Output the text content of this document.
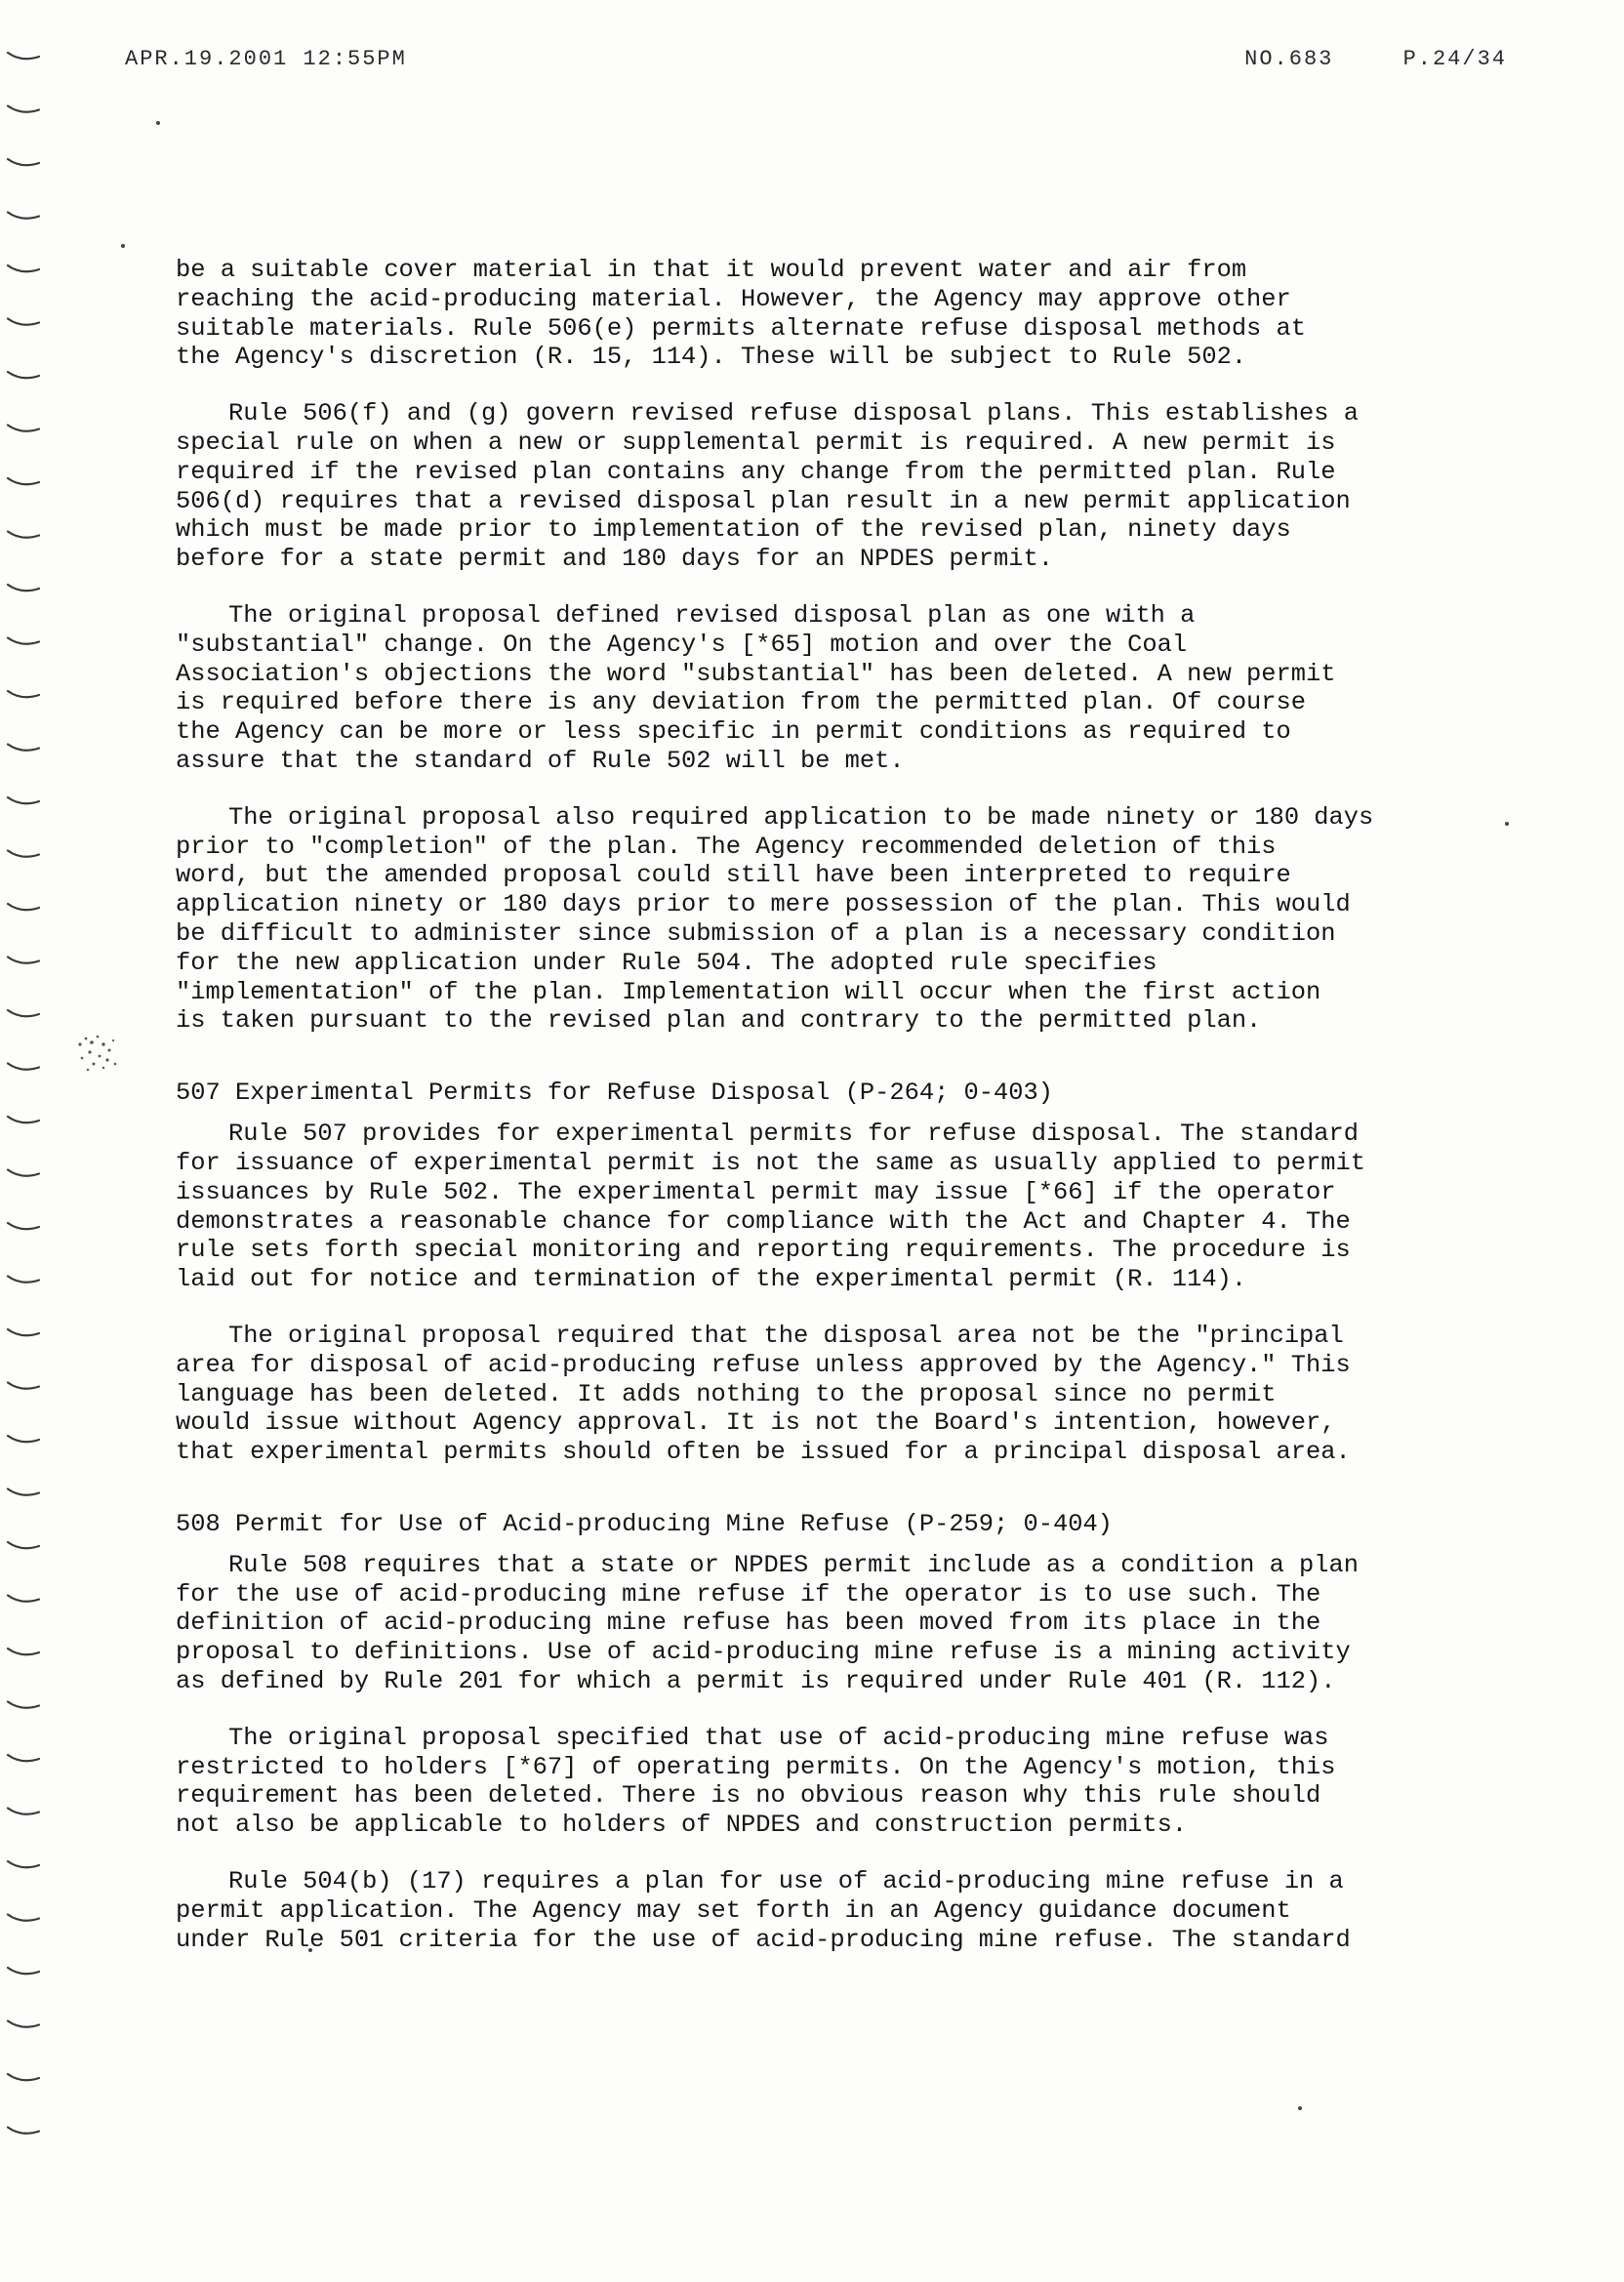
APR.19.2001 12:55PM	NO.683	P.24/34

be a suitable cover material in that it would prevent water and air from
reaching the acid-producing material. However, the Agency may approve other
suitable materials. Rule 506(e) permits alternate refuse disposal methods at
the Agency's discretion (R. 15, 114). These will be subject to Rule 502.

Rule 506(f) and (g) govern revised refuse disposal plans. This establishes a
special rule on when a new or supplemental permit is required. A new permit is
required if the revised plan contains any change from the permitted plan. Rule
506(d) requires that a revised disposal plan result in a new permit application
which must be made prior to implementation of the revised plan, ninety days
before for a state permit and 180 days for an NPDES permit.

The original proposal defined revised disposal plan as one with a
"substantial" change. On the Agency's [*65] motion and over the Coal
Association's objections the word "substantial" has been deleted. A new permit
is required before there is any deviation from the permitted plan. Of course
the Agency can be more or less specific in permit conditions as required to
assure that the standard of Rule 502 will be met.

The original proposal also required application to be made ninety or 180 days
prior to "completion" of the plan. The Agency recommended deletion of this
word, but the amended proposal could still have been interpreted to require
application ninety or 180 days prior to mere possession of the plan. This would
be difficult to administer since submission of a plan is a necessary condition
for the new application under Rule 504. The adopted rule specifies
"implementation" of the plan. Implementation will occur when the first action
is taken pursuant to the revised plan and contrary to the permitted plan.

507 Experimental Permits for Refuse Disposal (P-264; 0-403)

Rule 507 provides for experimental permits for refuse disposal. The standard
for issuance of experimental permit is not the same as usually applied to permit
issuances by Rule 502. The experimental permit may issue [*66] if the operator
demonstrates a reasonable chance for compliance with the Act and Chapter 4. The
rule sets forth special monitoring and reporting requirements. The procedure is
laid out for notice and termination of the experimental permit (R. 114).

The original proposal required that the disposal area not be the "principal
area for disposal of acid-producing refuse unless approved by the Agency." This
language has been deleted. It adds nothing to the proposal since no permit
would issue without Agency approval. It is not the Board's intention, however,
that experimental permits should often be issued for a principal disposal area.

508 Permit for Use of Acid-producing Mine Refuse (P-259; 0-404)

Rule 508 requires that a state or NPDES permit include as a condition a plan
for the use of acid-producing mine refuse if the operator is to use such. The
definition of acid-producing mine refuse has been moved from its place in the
proposal to definitions. Use of acid-producing mine refuse is a mining activity
as defined by Rule 201 for which a permit is required under Rule 401 (R. 112).

The original proposal specified that use of acid-producing mine refuse was
restricted to holders [*67] of operating permits. On the Agency's motion, this
requirement has been deleted. There is no obvious reason why this rule should
not also be applicable to holders of NPDES and construction permits.

Rule 504(b) (17) requires a plan for use of acid-producing mine refuse in a
permit application. The Agency may set forth in an Agency guidance document
under Rule 501 criteria for the use of acid-producing mine refuse. The standard
